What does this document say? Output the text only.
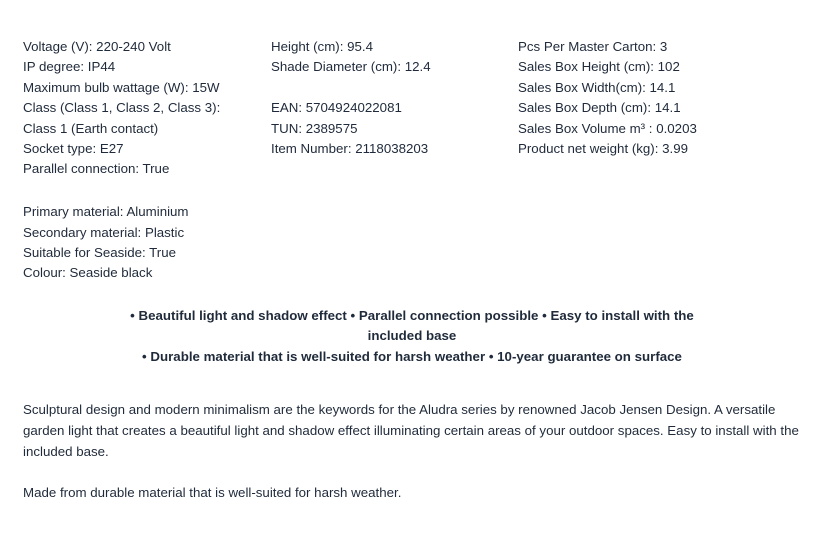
Voltage (V): 220-240 Volt
IP degree: IP44
Maximum bulb wattage (W): 15W
Class (Class 1, Class 2, Class 3):
Class 1 (Earth contact)
Socket type: E27
Parallel connection: True
Primary material: Aluminium
Secondary material: Plastic
Suitable for Seaside: True
Colour: Seaside black
Height (cm): 95.4
Shade Diameter (cm): 12.4
EAN: 5704924022081
TUN: 2389575
Item Number: 2118038203
Pcs Per Master Carton: 3
Sales Box Height (cm): 102
Sales Box Width(cm): 14.1
Sales Box Depth (cm): 14.1
Sales Box Volume m³ : 0.0203
Product net weight (kg): 3.99
• Beautiful light and shadow effect • Parallel connection possible • Easy to install with the
included base
• Durable material that is well-suited for harsh weather • 10-year guarantee on surface

Sculptural design and modern minimalism are the keywords for the Aludra series by renowned Jacob Jensen Design. A versatile garden light that creates a beautiful light and shadow effect illuminating certain areas of your outdoor spaces. Easy to install with the included base.

Made from durable material that is well-suited for harsh weather.
